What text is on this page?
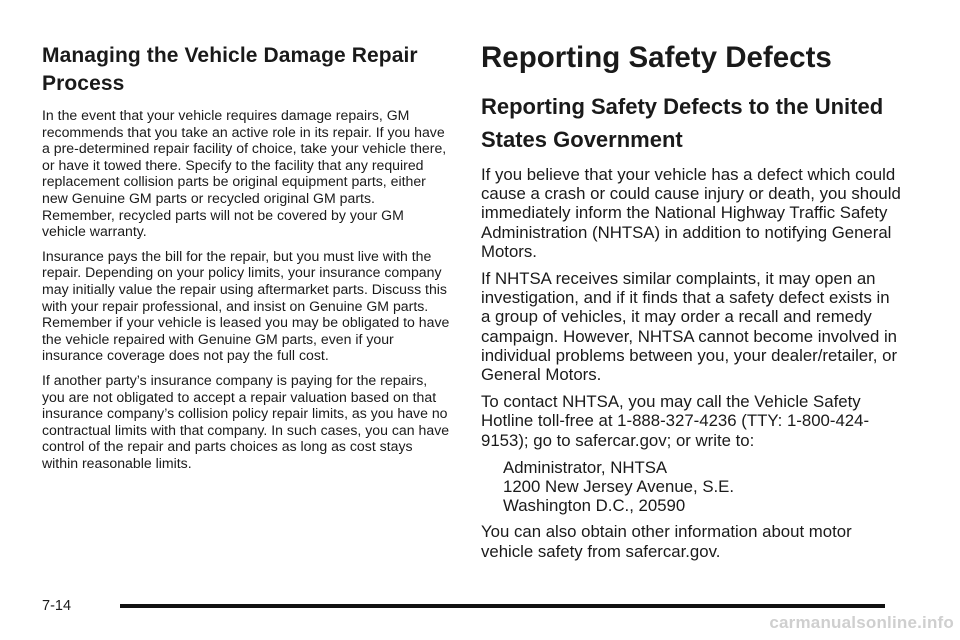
Managing the Vehicle Damage Repair Process

In the event that your vehicle requires damage repairs, GM recommends that you take an active role in its repair. If you have a pre-determined repair facility of choice, take your vehicle there, or have it towed there. Specify to the facility that any required replacement collision parts be original equipment parts, either new Genuine GM parts or recycled original GM parts. Remember, recycled parts will not be covered by your GM vehicle warranty.

Insurance pays the bill for the repair, but you must live with the repair. Depending on your policy limits, your insurance company may initially value the repair using aftermarket parts. Discuss this with your repair professional, and insist on Genuine GM parts. Remember if your vehicle is leased you may be obligated to have the vehicle repaired with Genuine GM parts, even if your insurance coverage does not pay the full cost.

If another party’s insurance company is paying for the repairs, you are not obligated to accept a repair valuation based on that insurance company’s collision policy repair limits, as you have no contractual limits with that company. In such cases, you can have control of the repair and parts choices as long as cost stays within reasonable limits.

Reporting Safety Defects
Reporting Safety Defects to the United States Government

If you believe that your vehicle has a defect which could cause a crash or could cause injury or death, you should immediately inform the National Highway Traffic Safety Administration (NHTSA) in addition to notifying General Motors.

If NHTSA receives similar complaints, it may open an investigation, and if it finds that a safety defect exists in a group of vehicles, it may order a recall and remedy campaign. However, NHTSA cannot become involved in individual problems between you, your dealer/retailer, or General Motors.

To contact NHTSA, you may call the Vehicle Safety Hotline toll-free at 1-888-327-4236 (TTY: 1-800-424-9153); go to safercar.gov; or write to:

Administrator, NHTSA
1200 New Jersey Avenue, S.E.
Washington D.C., 20590

You can also obtain other information about motor vehicle safety from safercar.gov.

7-14
carmanualsonline.info
